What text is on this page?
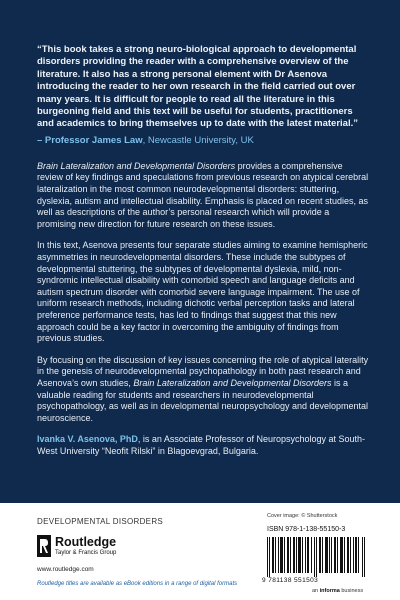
“This book takes a strong neuro-biological approach to developmental disorders providing the reader with a comprehensive overview of the literature. It also has a strong personal element with Dr Asenova introducing the reader to her own research in the field carried out over many years. It is difficult for people to read all the literature in this burgeoning field and this text will be useful for students, practitioners and academics to bring themselves up to date with the latest material.”

– Professor James Law, Newcastle University, UK

Brain Lateralization and Developmental Disorders provides a comprehensive review of key findings and speculations from previous research on atypical cerebral lateralization in the most common neurodevelopmental disorders: stuttering, dyslexia, autism and intellectual disability. Emphasis is placed on recent studies, as well as descriptions of the author’s personal research which will provide a promising new direction for future research on these issues.

In this text, Asenova presents four separate studies aiming to examine hemispheric asymmetries in neurodevelopmental disorders. These include the subtypes of developmental stuttering, the subtypes of developmental dyslexia, mild, non-syndromic intellectual disability with comorbid speech and language deficits and autism spectrum disorder with comorbid severe language impairment. The use of uniform research methods, including dichotic verbal perception tasks and lateral preference performance tests, has led to findings that suggest that this new approach could be a key factor in overcoming the ambiguity of findings from previous studies.

By focusing on the discussion of key issues concerning the role of atypical laterality in the genesis of neurodevelopmental psychopathology in both past research and Asenova’s own studies, Brain Lateralization and Developmental Disorders is a valuable reading for students and researchers in neurodevelopmental psychopathology, as well as in developmental neuropsychology and developmental neuroscience.

Ivanka V. Asenova, PhD, is an Associate Professor of Neuropsychology at South-West University “Neofit Rilski” in Blagoevgrad, Bulgaria.

DEVELOPMENTAL DISORDERS
Routledge
Taylor & Francis Group
www.routledge.com
Routledge titles are available as eBook editions in a range of digital formats
Cover image: © Shutterstock
ISBN 978-1-138-55150-3
9 781138 551503
an informa business
